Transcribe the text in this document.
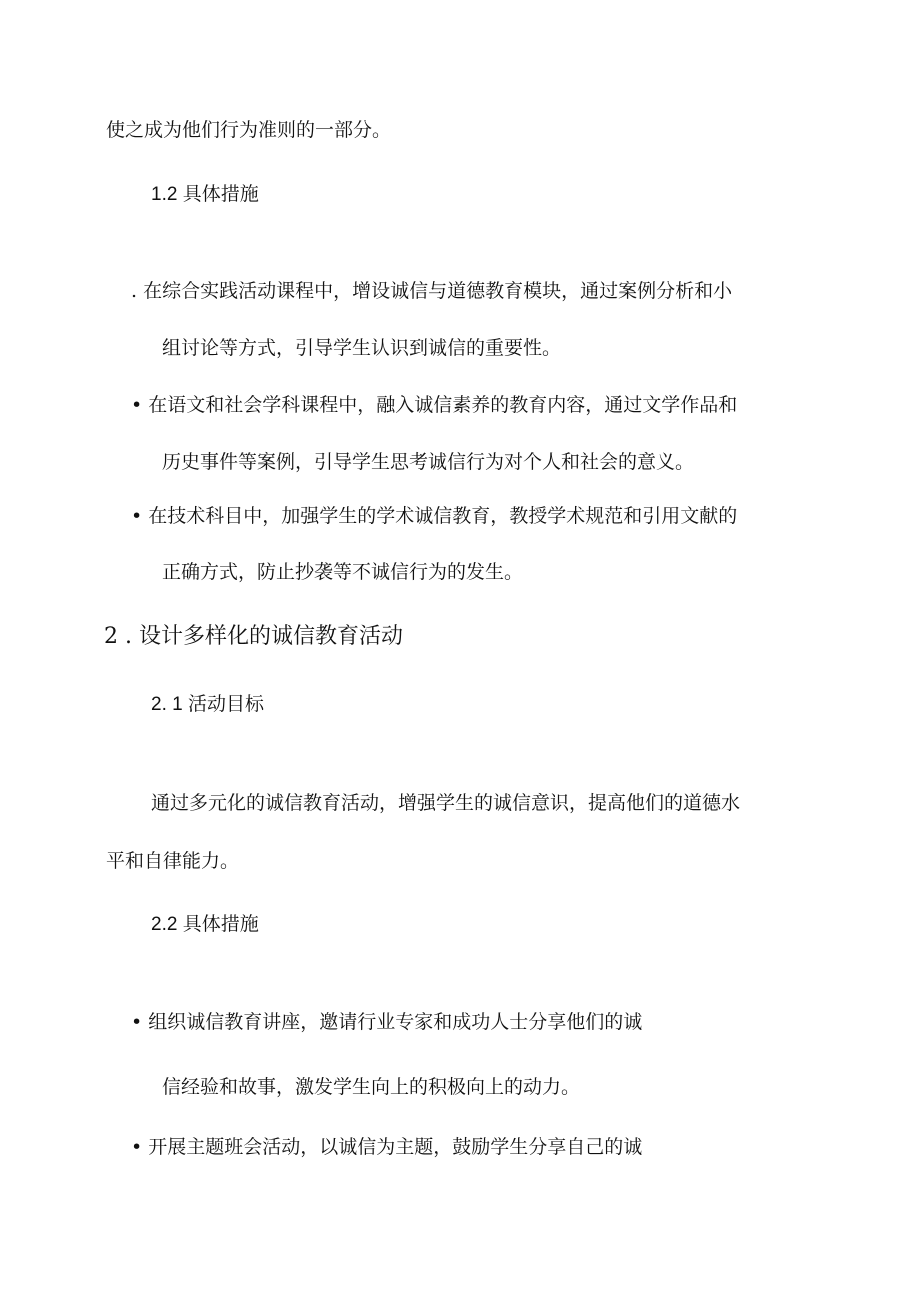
使之成为他们行为准则的一部分。

1.2 具体措施

. 在综合实践活动课程中，增设诚信与道德教育模块，通过案例分析和小

组讨论等方式，引导学生认识到诚信的重要性。

• 在语文和社会学科课程中，融入诚信素养的教育内容，通过文学作品和

历史事件等案例，引导学生思考诚信行为对个人和社会的意义。

• 在技术科目中，加强学生的学术诚信教育，教授学术规范和引用文献的

正确方式，防止抄袭等不诚信行为的发生。

2 . 设计多样化的诚信教育活动

2. 1 活动目标

通过多元化的诚信教育活动，增强学生的诚信意识，提高他们的道德水

平和自律能力。

2.2 具体措施

• 组织诚信教育讲座，邀请行业专家和成功人士分享他们的诚

信经验和故事，激发学生向上的积极向上的动力。

• 开展主题班会活动，以诚信为主题，鼓励学生分享自己的诚
